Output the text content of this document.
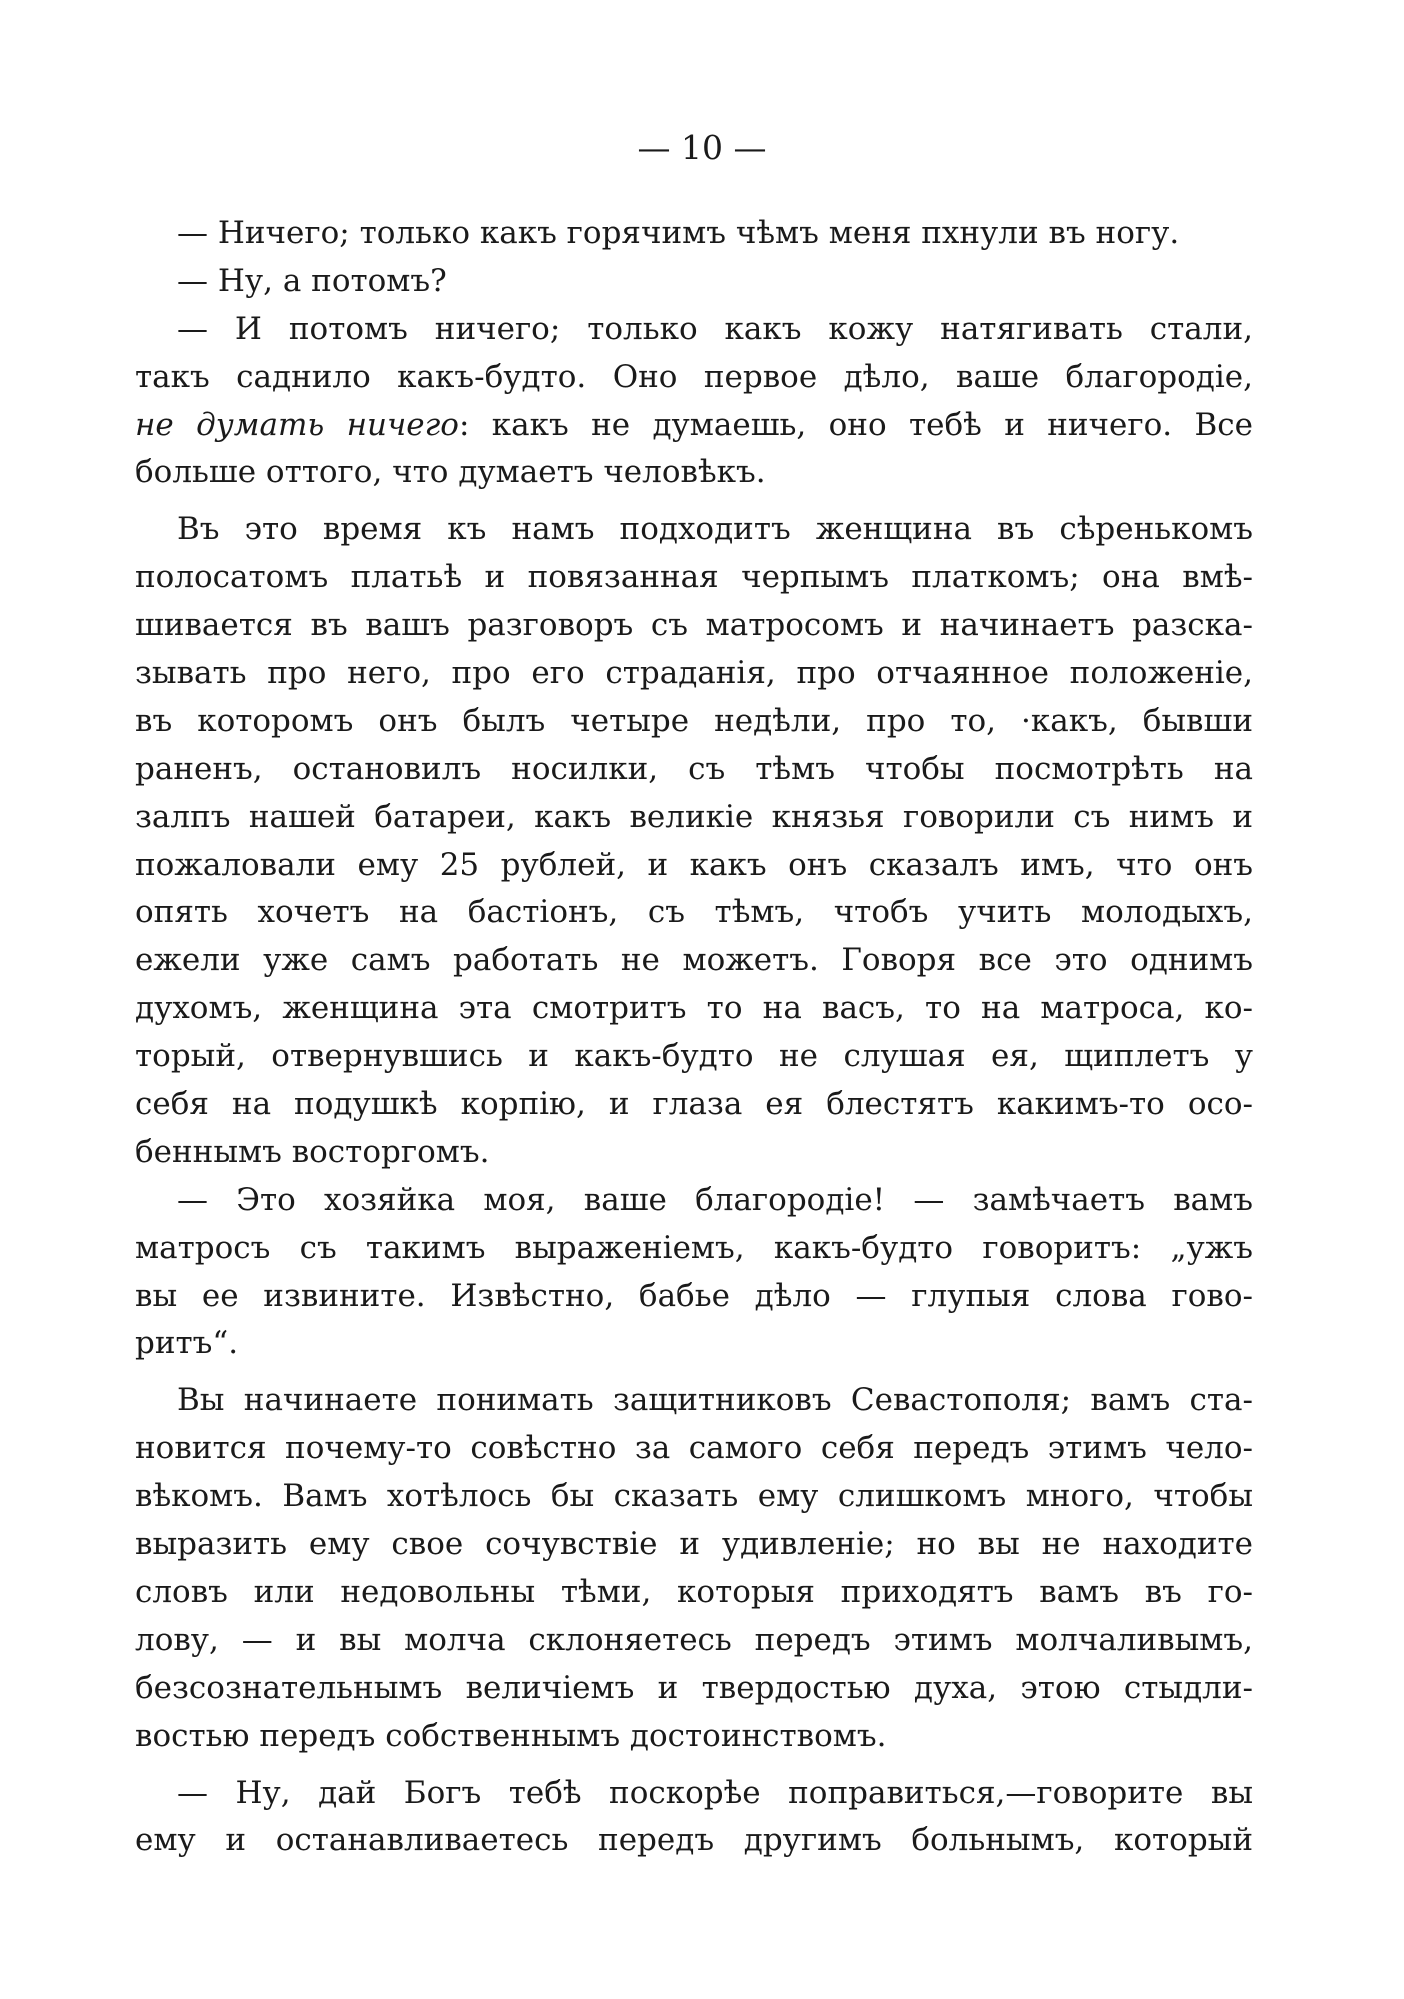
— 10 —
— Ничего; только какъ горячимъ чѣмъ меня пхнули въ ногу.
— Ну, а потомъ?
— И потомъ ничего; только какъ кожу натягивать стали,
такъ саднило какъ-будто. Оно первое дѣло, ваше благородіе,
не думать ничего: какъ не думаешь, оно тебѣ и ничего. Все
больше оттого, что думаетъ человѣкъ.
Въ это время къ намъ подходитъ женщина въ сѣренькомъ
полосатомъ платьѣ и повязанная черпымъ платкомъ; она вмѣ-
шивается въ вашъ разговоръ съ матросомъ и начинаетъ разска-
зывать про него, про его страданія, про отчаянное положеніе,
въ которомъ онъ былъ четыре недѣли, про то, ·какъ, бывши
раненъ, остановилъ носилки, съ тѣмъ чтобы посмотрѣть на
залпъ нашей батареи, какъ великіе князья говорили съ нимъ и
пожаловали ему 25 рублей, и какъ онъ сказалъ имъ, что онъ
опять хочетъ на бастіонъ, съ тѣмъ, чтобъ учить молодыхъ,
ежели уже самъ работать не можетъ. Говоря все это однимъ
духомъ, женщина эта смотритъ то на васъ, то на матроса, ко-
торый, отвернувшись и какъ-будто не слушая ея, щиплетъ у
себя на подушкѣ корпію, и глаза ея блестятъ какимъ-то осо-
беннымъ восторгомъ.
— Это хозяйка моя, ваше благородіе! — замѣчаетъ вамъ
матросъ съ такимъ выраженіемъ, какъ-будто говоритъ: „ужъ
вы ее извините. Извѣстно, бабье дѣло — глупыя слова гово-
ритъ“.
Вы начинаете понимать защитниковъ Севастополя; вамъ ста-
новится почему-то совѣстно за самого себя передъ этимъ чело-
вѣкомъ. Вамъ хотѣлось бы сказать ему слишкомъ много, чтобы
выразить ему свое сочувствіе и удивленіе; но вы не находите
словъ или недовольны тѣми, которыя приходятъ вамъ въ го-
лову, — и вы молча склоняетесь передъ этимъ молчаливымъ,
безсознательнымъ величіемъ и твердостью духа, этою стыдли-
востью передъ собственнымъ достоинствомъ.
— Ну, дай Богъ тебѣ поскорѣе поправиться,—говорите вы
ему и останавливаетесь передъ другимъ больнымъ, который
